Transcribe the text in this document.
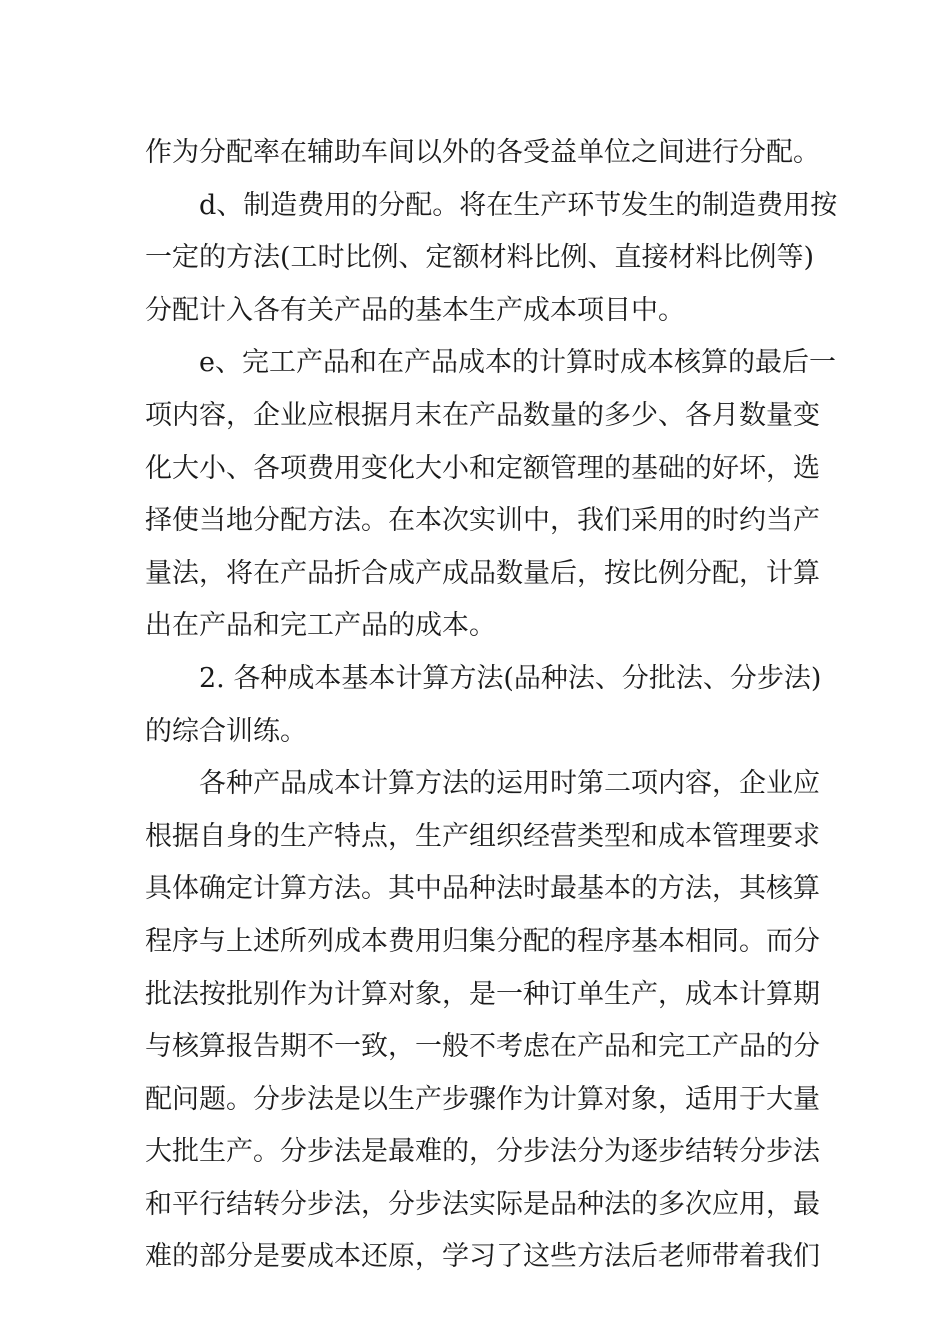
作为分配率在辅助车间以外的各受益单位之间进行分配。
d、制造费用的分配。将在生产环节发生的制造费用按
一定的方法(工时比例、定额材料比例、直接材料比例等)
分配计入各有关产品的基本生产成本项目中。
e、完工产品和在产品成本的计算时成本核算的最后一
项内容，企业应根据月末在产品数量的多少、各月数量变
化大小、各项费用变化大小和定额管理的基础的好坏，选
择使当地分配方法。在本次实训中，我们采用的时约当产
量法，将在产品折合成产成品数量后，按比例分配，计算
出在产品和完工产品的成本。
2. 各种成本基本计算方法(品种法、分批法、分步法)
的综合训练。
各种产品成本计算方法的运用时第二项内容，企业应
根据自身的生产特点，生产组织经营类型和成本管理要求
具体确定计算方法。其中品种法时最基本的方法，其核算
程序与上述所列成本费用归集分配的程序基本相同。而分
批法按批别作为计算对象，是一种订单生产，成本计算期
与核算报告期不一致，一般不考虑在产品和完工产品的分
配问题。分步法是以生产步骤作为计算对象，适用于大量
大批生产。分步法是最难的，分步法分为逐步结转分步法
和平行结转分步法，分步法实际是品种法的多次应用，最
难的部分是要成本还原，学习了这些方法后老师带着我们
